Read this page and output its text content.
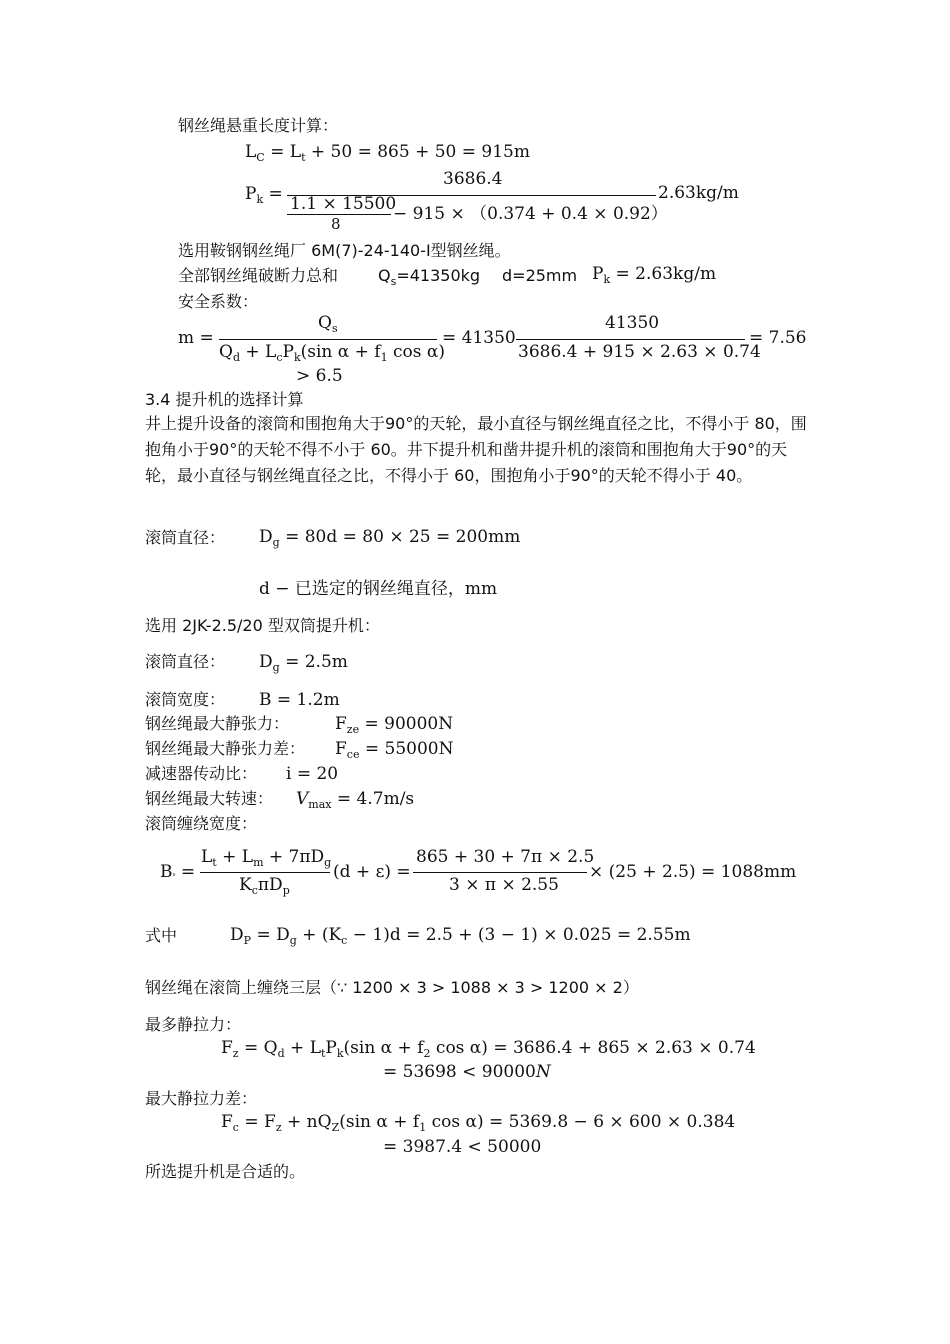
钢丝绳悬重长度计算：
$L_C = L_t + 50 = 865 + 50 = 915m$
$P_k$ =
3686.4
1.1 × 15500
8	− 915 × （0.374 + 0.4 × 0.92）
2.63kg/m
选用鞍钢钢丝绳厂 6M(7)-24-140-I型钢丝绳。
全部钢丝绳破断力总和 $Q_s=41350kg$ d=25mm $P_k = 2.63kg/m$
安全系数：
m =
$Q_s$
$Q_d + L_cP_k(\sin$ $\alpha + f_1$ cos α)
= 41350
41350
3686.4 + 915 × 2.63 × 0.74
= 7.56
> 6.5
3.4 提升机的选择计算
井上提升设备的滚筒和围抱角大于90°的天轮，最小直径与钢丝绳直径之比，不得小于 80，围抱角小于90°的天轮不得不小于 60。井下提升机和凿井提升机的滚筒和围抱角大于90°的天轮，最小直径与钢丝绳直径之比，不得小于 60，围抱角小于90°的天轮不得小于 40。
滚筒直径： $D_g = 80d = 80 \times 25 = 200mm$
d − 已选定的钢丝绳直径，mm
选用 2JK-2.5/20 型双筒提升机：
滚筒直径： $D_g = 2.5m$
滚筒宽度： B = 1.2m
钢丝绳最大静张力：	$F_{ze} = 90000N$
钢丝绳最大静张力差： $F_{ce} = 55000N$
减速器传动比： i = 20
钢丝绳最大转速： $V_{max} = 4.7m/s$
滚筒缠绕宽度：
$B'$ =
$L_t + L_m + 7\pi D_g$
$K_c\pi D_p$
(d + ε) =
865 + 30 + 7π × 2.5
3 × π × 2.55
× (25 + 2.5) = 1088mm
式中	$D_P = D_g + (K_c - 1)d = 2.5 + (3 - 1) \times 0.025 = 2.55m$
钢丝绳在滚筒上缠绕三层（∵ 1200 × 3 > 1088 × 3 > 1200 × 2）
最多静拉力：
$F_z = Q_d + L_tP_k(\sin$ $\alpha + f_2$ cos α) = 3686.4 + 865 × 2.63 × 0.74
= 53698 < 90000N
最大静拉力差：
$F_c = F_z + nQ_Z(\sin$ $\alpha + f_1$ cos α) = 5369.8 − 6 × 600 × 0.384
= 3987.4 < 50000
所选提升机是合适的。
